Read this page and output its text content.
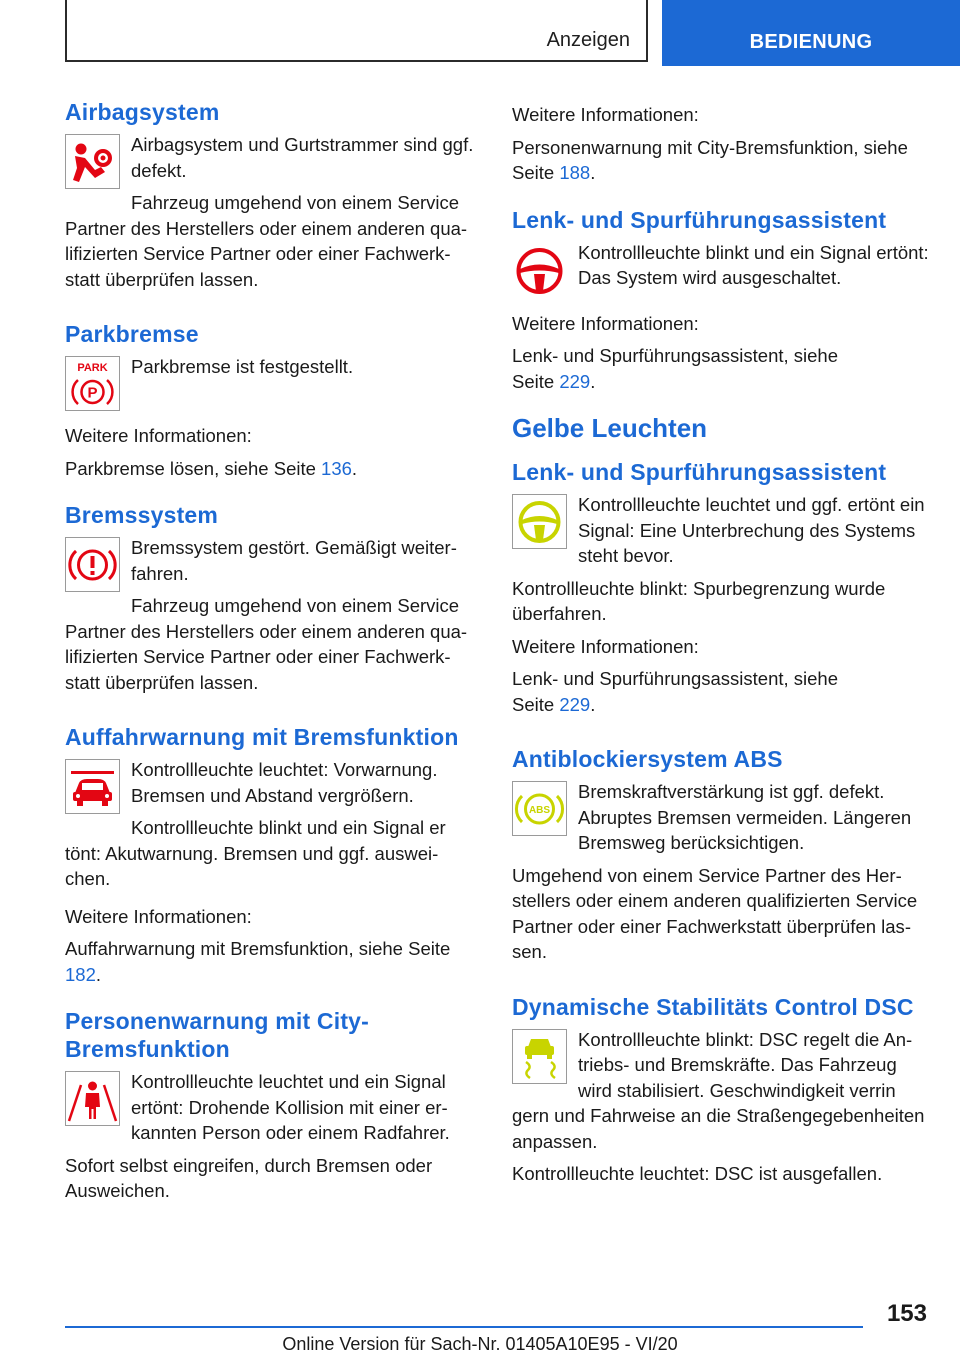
Anzeigen	BEDIENUNG
Airbagsystem

Airbagsystem und Gurtstrammer sind ggf. defekt.

Fahrzeug umgehend von einem Service

Partner des Herstellers oder einem anderen qualifizierten Service Partner oder einer Fachwerkstatt überprüfen lassen.

Parkbremse
PARK
P

Parkbremse ist festgestellt.

Weitere Informationen:

Parkbremse lösen, siehe Seite 136.

Bremssystem

Bremssystem gestört. Gemäßigt weiterfahren.

Fahrzeug umgehend von einem Service

Partner des Herstellers oder einem anderen qualifizierten Service Partner oder einer Fachwerkstatt überprüfen lassen.

Auffahrwarnung mit Bremsfunktion

Kontrollleuchte leuchtet: Vorwarnung. Bremsen und Abstand vergrößern.

Kontrollleuchte blinkt und ein Signal er

tönt: Akutwarnung. Bremsen und ggf. ausweichen.

Weitere Informationen:

Auffahrwarnung mit Bremsfunktion, siehe Seite 182.

Personenwarnung mit City-Bremsfunktion

Kontrollleuchte leuchtet und ein Signal ertönt: Drohende Kollision mit einer erkannten Person oder einem Radfahrer.

Sofort selbst eingreifen, durch Bremsen oder Ausweichen.

Weitere Informationen:

Personenwarnung mit City-Bremsfunktion, siehe Seite 188.

Lenk- und Spurführungsassistent

Kontrollleuchte blinkt und ein Signal ertönt: Das System wird ausgeschaltet.

Weitere Informationen:

Lenk- und Spurführungsassistent, siehe Seite 229.

Gelbe Leuchten
Lenk- und Spurführungsassistent

Kontrollleuchte leuchtet und ggf. ertönt ein Signal: Eine Unterbrechung des Systems steht bevor.

Kontrollleuchte blinkt: Spurbegrenzung wurde überfahren.

Weitere Informationen:

Lenk- und Spurführungsassistent, siehe Seite 229.

Antiblockiersystem ABS
ABS

Bremskraftverstärkung ist ggf. defekt. Abruptes Bremsen vermeiden. Längeren Bremsweg berücksichtigen.

Umgehend von einem Service Partner des Herstellers oder einem anderen qualifizierten Service Partner oder einer Fachwerkstatt überprüfen lassen.

Dynamische Stabilitäts Control DSC

Kontrollleuchte blinkt: DSC regelt die Antriebs- und Bremskräfte. Das Fahrzeug wird stabilisiert. Geschwindigkeit verrin

gern und Fahrweise an die Straßengegebenheiten anpassen.

Kontrollleuchte leuchtet: DSC ist ausgefallen.

153
Online Version für Sach-Nr. 01405A10E95 - VI/20
